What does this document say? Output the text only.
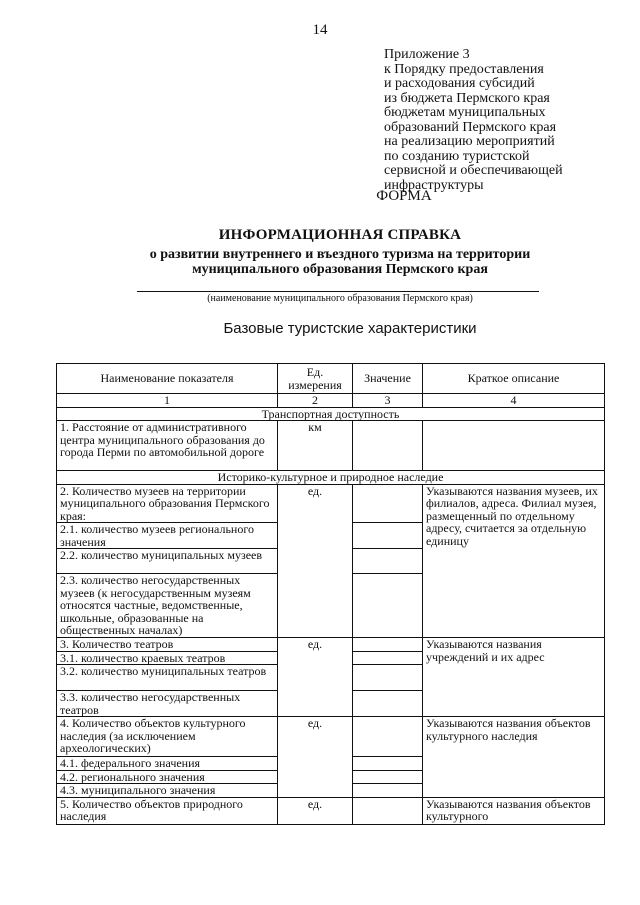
14
Приложение 3
к Порядку предоставления
и расходования субсидий
из бюджета Пермского края
бюджетам муниципальных
образований Пермского края
на реализацию мероприятий
по созданию туристской
сервисной и обеспечивающей
инфраструктуры
ФОРМА
ИНФОРМАЦИОННАЯ СПРАВКА
о развитии внутреннего и въездного туризма на территории
муниципального образования Пермского края
(наименование муниципального образования Пермского края)
Базовые туристские характеристики
Наименование показателя	Ед. измерения	Значение	Краткое описание
1	2	3	4
Транспортная доступность			
1. Расстояние от административного центра муниципального образования до города Перми по автомобильной дороге	км		
Историко-культурное и природное наследие			
2. Количество музеев на территории муниципального образования Пермского края:	ед.		Указываются названия музеев, их филиалов, адреса. Филиал музея, размещенный по отдельному адресу, считается за отдельную единицу
2.1. количество музеев регионального значения			
2.2. количество муниципальных музеев			
2.3. количество негосударственных музеев (к негосударственным музеям относятся частные, ведомственные, школьные, образованные на общественных началах)			
3. Количество театров	ед.		Указываются названия учреждений и их адрес
3.1. количество краевых театров			
3.2. количество муниципальных театров			
3.3. количество негосударственных театров			
4. Количество объектов культурного наследия (за исключением археологических)	ед.		Указываются названия объектов культурного наследия
4.1. федерального значения			
4.2. регионального значения			
4.3. муниципального значения			
5. Количество объектов природного наследия	ед.		Указываются названия объектов культурного
